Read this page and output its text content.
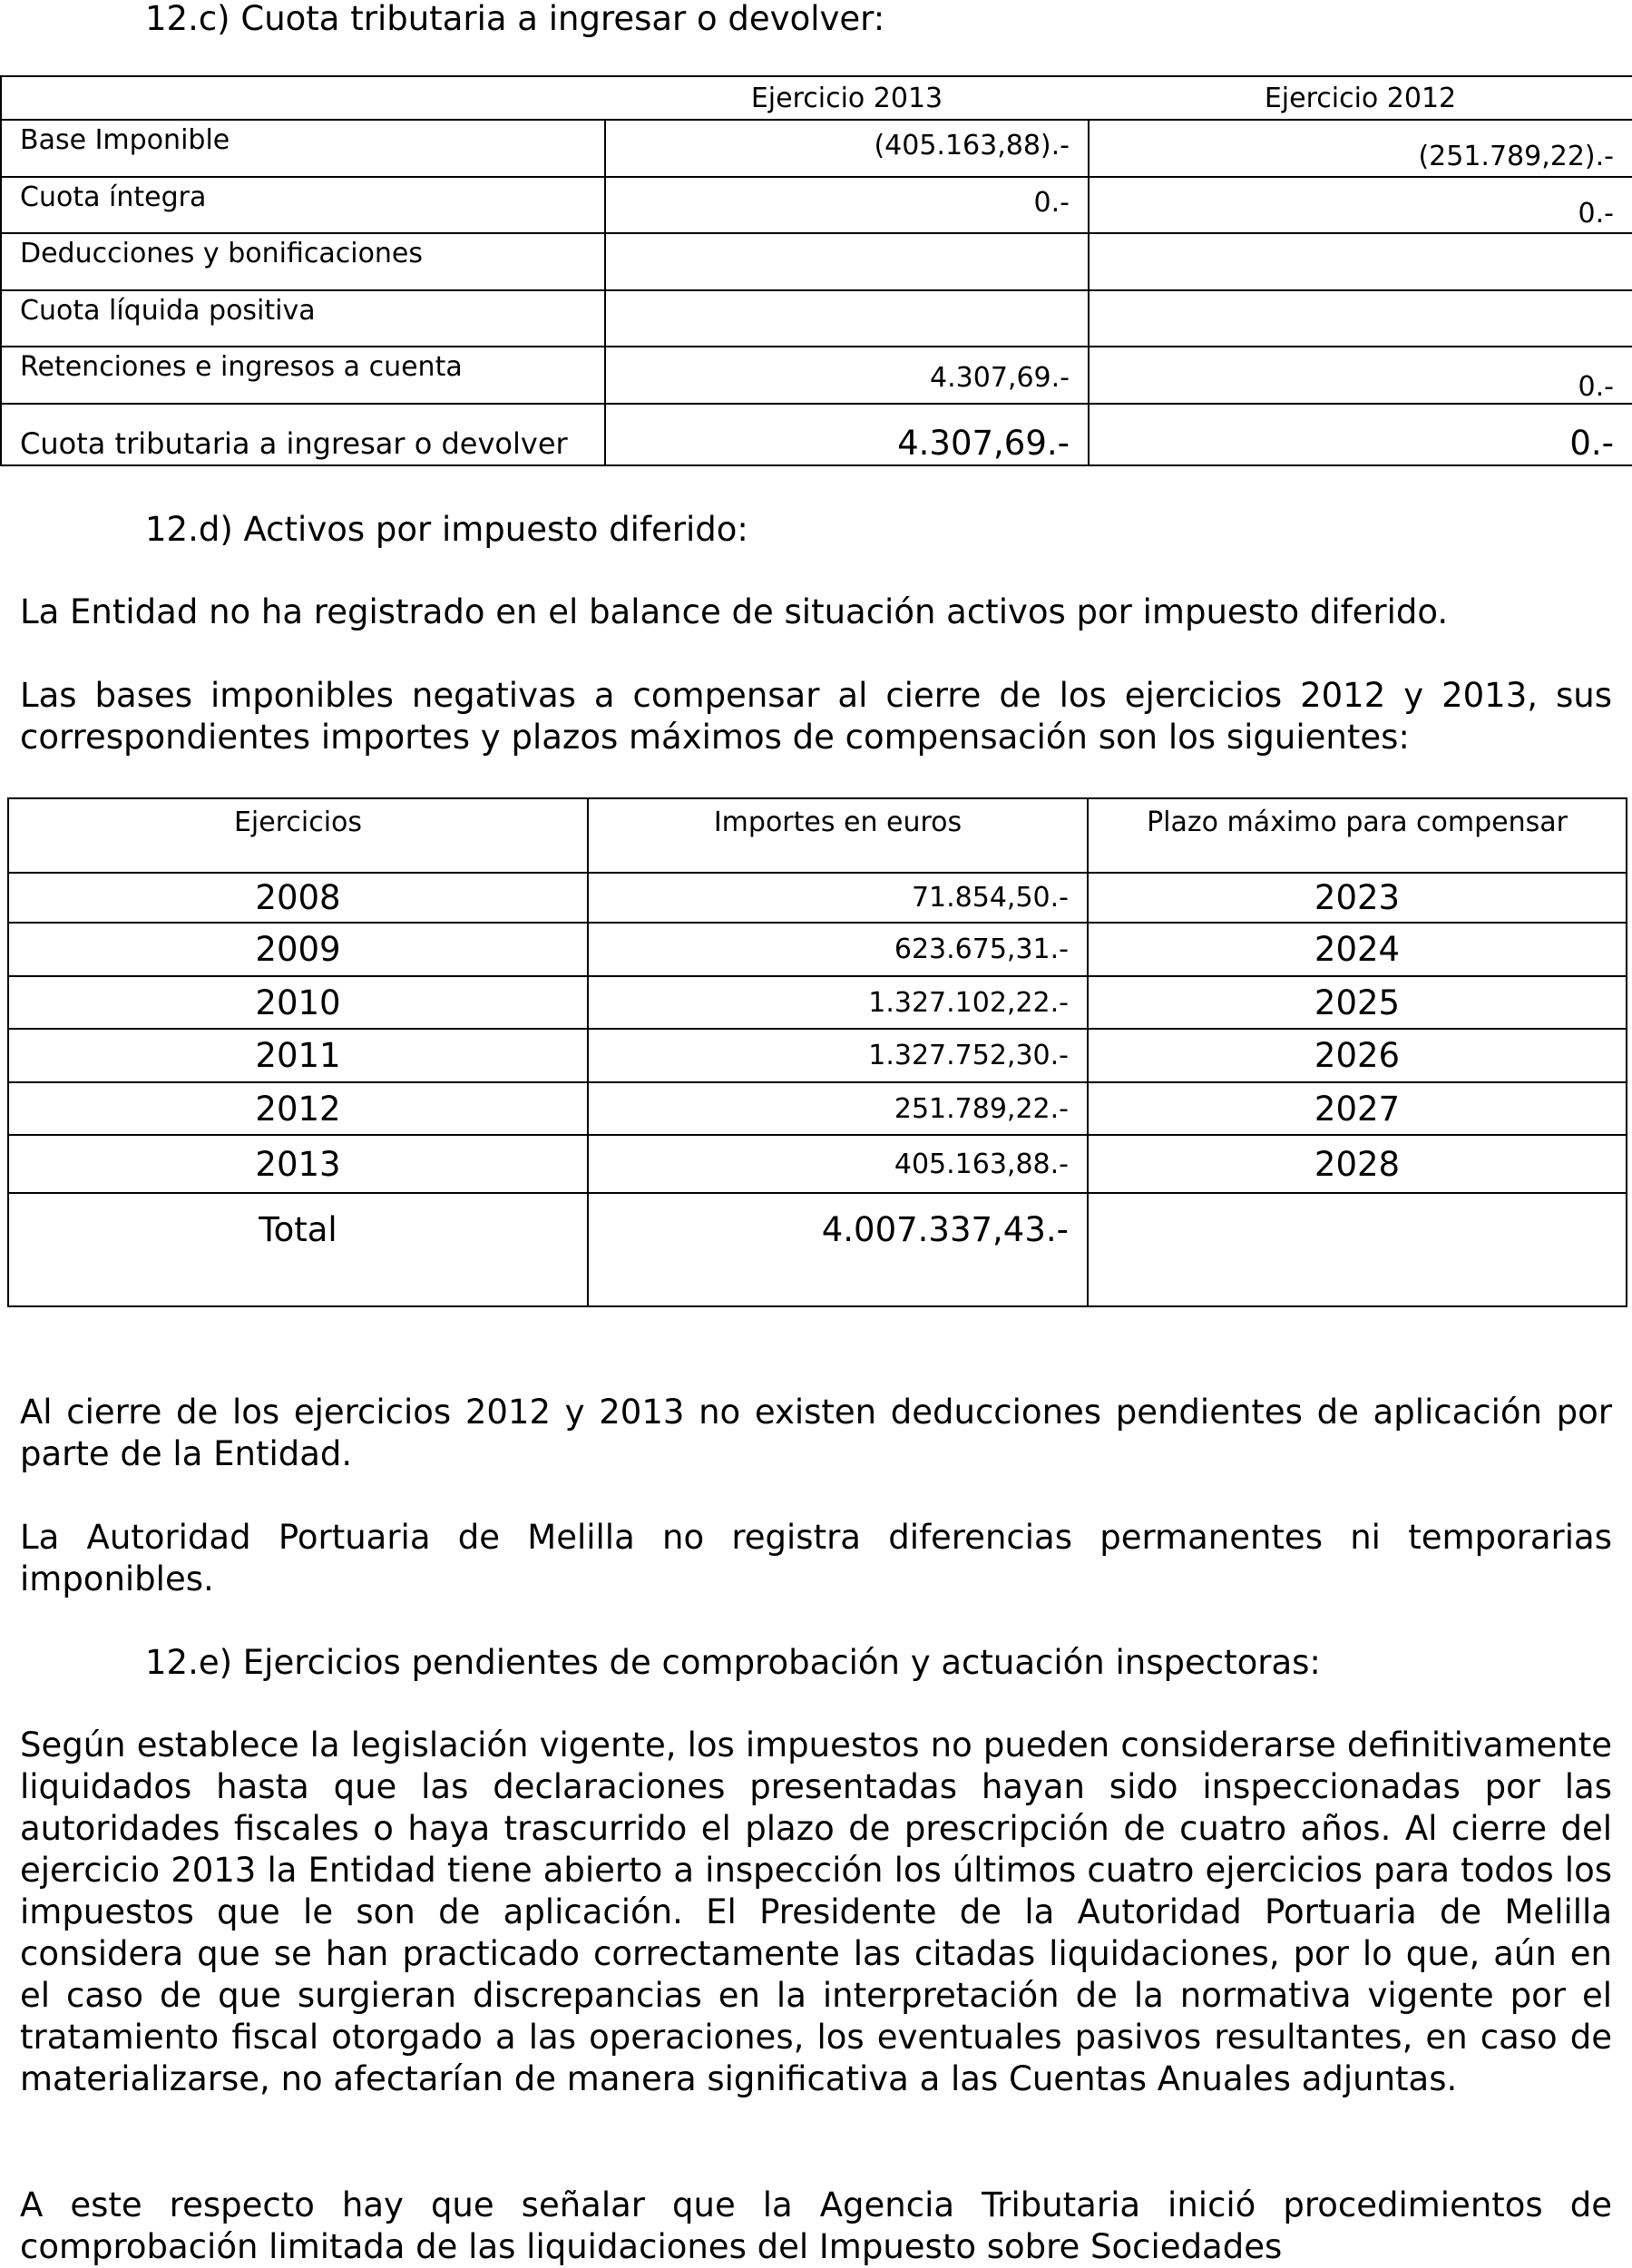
12.c) Cuota tributaria a ingresar o devolver:
	Ejercicio 2013	Ejercicio 2012
Base Imponible	(405.163,88).-	(251.789,22).-
Cuota íntegra	0.-	0.-
Deducciones y bonificaciones		
Cuota líquida positiva		
Retenciones e ingresos a cuenta	4.307,69.-	0.-
Cuota tributaria a ingresar o devolver	4.307,69.-	0.-
12.d) Activos por impuesto diferido:
La Entidad no ha registrado en el balance de situación activos por impuesto diferido.
Las bases imponibles negativas a compensar al cierre de los ejercicios 2012 y 2013, sus correspondientes importes y plazos máximos de compensación son los siguientes:
Ejercicios	Importes en euros	Plazo máximo para compensar
2008	71.854,50.-	2023
2009	623.675,31.-	2024
2010	1.327.102,22.-	2025
2011	1.327.752,30.-	2026
2012	251.789,22.-	2027
2013	405.163,88.-	2028
Total	4.007.337,43.-	
Al cierre de los ejercicios 2012 y 2013 no existen deducciones pendientes de aplicación por parte de la Entidad.
La Autoridad Portuaria de Melilla no registra diferencias permanentes ni temporarias imponibles.
12.e) Ejercicios pendientes de comprobación y actuación inspectoras:
Según establece la legislación vigente, los impuestos no pueden considerarse definitivamente liquidados hasta que las declaraciones presentadas hayan sido inspeccionadas por las autoridades fiscales o haya trascurrido el plazo de prescripción de cuatro años. Al cierre del ejercicio 2013 la Entidad tiene abierto a inspección los últimos cuatro ejercicios para todos los impuestos que le son de aplicación. El Presidente de la Autoridad Portuaria de Melilla considera que se han practicado correctamente las citadas liquidaciones, por lo que, aún en el caso de que surgieran discrepancias en la interpretación de la normativa vigente por el tratamiento fiscal otorgado a las operaciones, los eventuales pasivos resultantes, en caso de materializarse, no afectarían de manera significativa a las Cuentas Anuales adjuntas.
A este respecto hay que señalar que la Agencia Tributaria inició procedimientos de comprobación limitada de las liquidaciones del Impuesto sobre Sociedades
